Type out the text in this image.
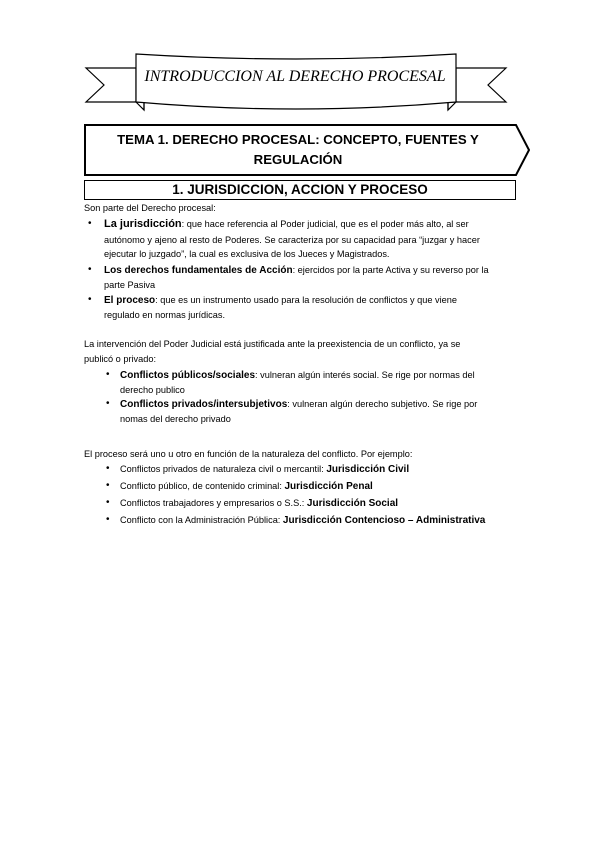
INTRODUCCION AL DERECHO PROCESAL
TEMA 1. DERECHO PROCESAL: CONCEPTO, FUENTES Y
REGULACIÓN
1. JURISDICCION, ACCION Y PROCESO
Son parte del Derecho procesal:
• La jurisdicción: que hace referencia al Poder judicial, que es el poder más alto, al ser
autónomo y ajeno al resto de Poderes. Se caracteriza por su capacidad para “juzgar y hacer
ejecutar lo juzgado”, la cual es exclusiva de los Jueces y Magistrados.
• Los derechos fundamentales de Acción: ejercidos por la parte Activa y su reverso por la
parte Pasiva
• El proceso: que es un instrumento usado para la resolución de conflictos y que viene
regulado en normas jurídicas.
La intervención del Poder Judicial está justificada ante la preexistencia de un conflicto, ya se
publicó o privado:
• Conflictos públicos/sociales: vulneran algún interés social. Se rige por normas del
derecho publico
• Conflictos privados/intersubjetivos: vulneran algún derecho subjetivo. Se rige por
nomas del derecho privado
El proceso será uno u otro en función de la naturaleza del conflicto. Por ejemplo:
• Conflictos privados de naturaleza civil o mercantil: Jurisdicción Civil
• Conflicto público, de contenido criminal: Jurisdicción Penal
• Conflictos trabajadores y empresarios o S.S.: Jurisdicción Social
• Conflicto con la Administración Pública: Jurisdicción Contencioso – Administrativa
